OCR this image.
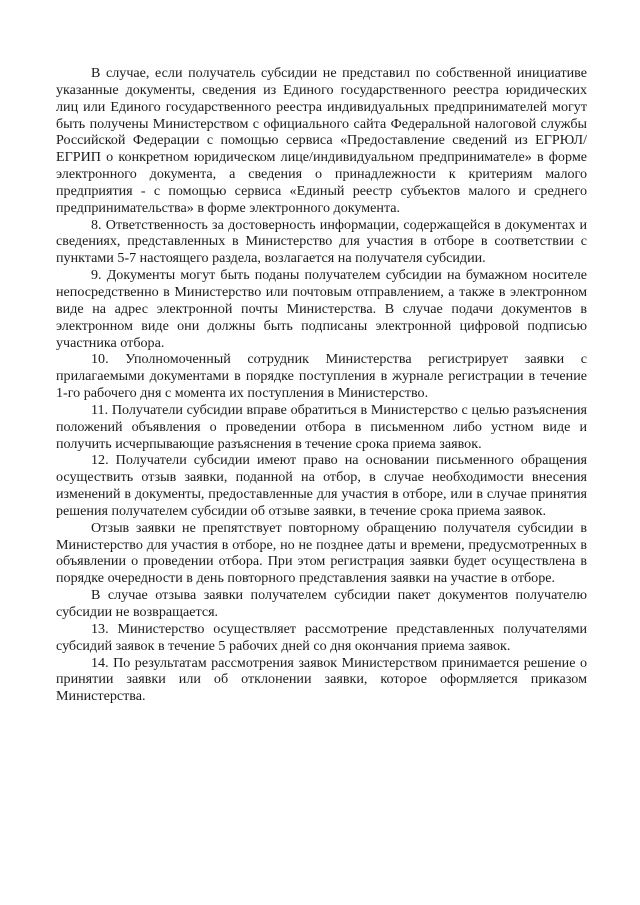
В случае, если получатель субсидии не представил по собственной инициативе указанные документы, сведения из Единого государственного реестра юридических лиц или Единого государственного реестра индивидуальных предпринимателей могут быть получены Министерством с официального сайта Федеральной налоговой службы Российской Федерации с помощью сервиса «Предоставление сведений из ЕГРЮЛ/ЕГРИП о конкретном юридическом лице/индивидуальном предпринимателе» в форме электронного документа, а сведения о принадлежности к критериям малого предприятия - с помощью сервиса «Единый реестр субъектов малого и среднего предпринимательства» в форме электронного документа.

8. Ответственность за достоверность информации, содержащейся в документах и сведениях, представленных в Министерство для участия в отборе в соответствии с пунктами 5-7 настоящего раздела, возлагается на получателя субсидии.

9. Документы могут быть поданы получателем субсидии на бумажном носителе непосредственно в Министерство или почтовым отправлением, а также в электронном виде на адрес электронной почты Министерства. В случае подачи документов в электронном виде они должны быть подписаны электронной цифровой подписью участника отбора.

10. Уполномоченный сотрудник Министерства регистрирует заявки с прилагаемыми документами в порядке поступления в журнале регистрации в течение 1-го рабочего дня с момента их поступления в Министерство.

11. Получатели субсидии вправе обратиться в Министерство с целью разъяснения положений объявления о проведении отбора в письменном либо устном виде и получить исчерпывающие разъяснения в течение срока приема заявок.

12. Получатели субсидии имеют право на основании письменного обращения осуществить отзыв заявки, поданной на отбор, в случае необходимости внесения изменений в документы, предоставленные для участия в отборе, или в случае принятия решения получателем субсидии об отзыве заявки, в течение срока приема заявок.

Отзыв заявки не препятствует повторному обращению получателя субсидии в Министерство для участия в отборе, но не позднее даты и времени, предусмотренных в объявлении о проведении отбора. При этом регистрация заявки будет осуществлена в порядке очередности в день повторного представления заявки на участие в отборе.

В случае отзыва заявки получателем субсидии пакет документов получателю субсидии не возвращается.

13. Министерство осуществляет рассмотрение представленных получателями субсидий заявок в течение 5 рабочих дней со дня окончания приема заявок.

14. По результатам рассмотрения заявок Министерством принимается решение о принятии заявки или об отклонении заявки, которое оформляется приказом Министерства.
